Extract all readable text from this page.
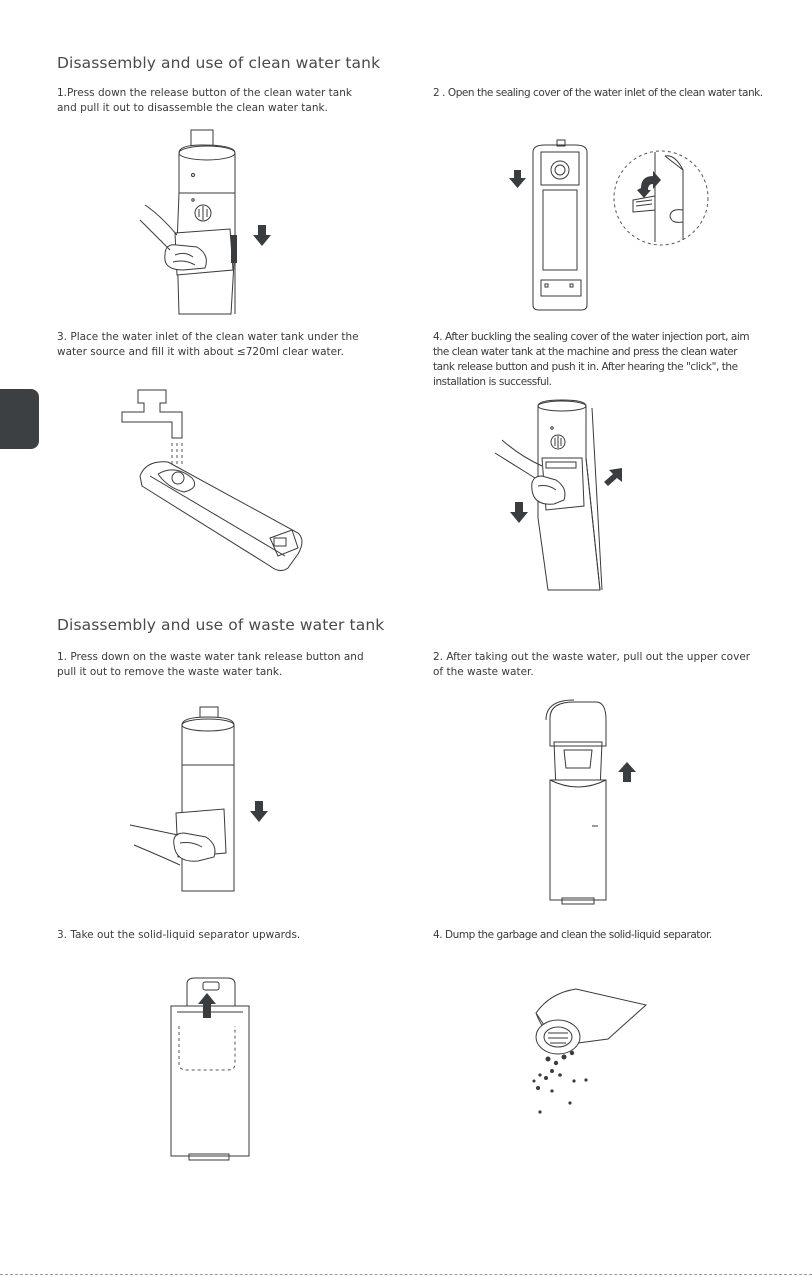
Disassembly and use of clean water tank
1.Press down the release button of the clean water tank and pull it out to disassemble the clean water tank.
2 . Open the sealing cover of the water inlet of the clean water tank.
3. Place the water inlet of the clean water tank under the water source and fill it with about ≤720ml clear water.
4. After buckling the sealing cover of the water injection port, aim the clean water tank at the machine and press the clean water tank release button and push it in. After hearing the "click", the installation is successful.
Disassembly and use of waste water tank
1. Press down on the waste water tank release button and pull it out to remove the waste water tank.
2. After taking out the waste water, pull out the upper cover of the waste water.
3. Take out the solid-liquid separator upwards.	4. Dump the garbage and clean the solid-liquid separator.
